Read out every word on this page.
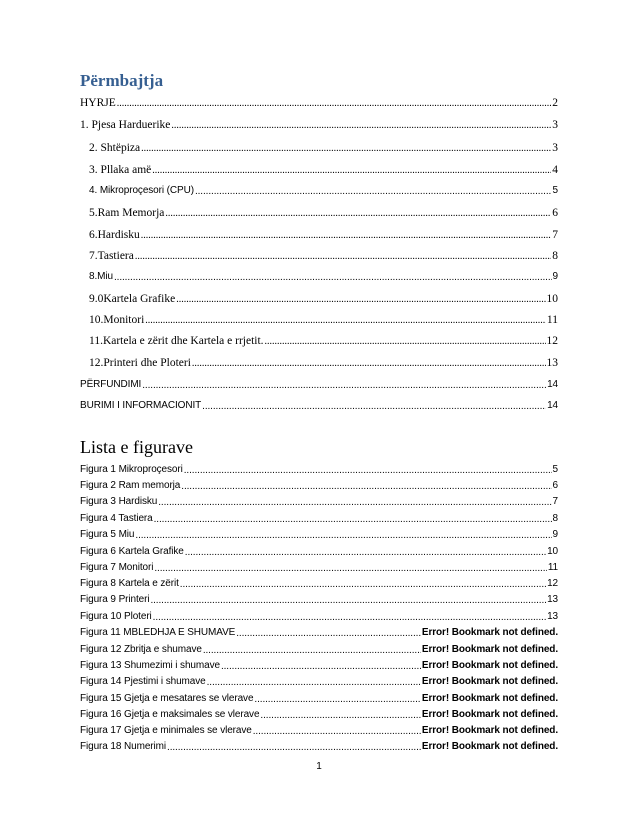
Përmbajtja
HYRJE .....	2
1. Pjesa Harduerike .....	3
2. Shtëpiza .....	3
3. Pllaka amë .....	4
4. Mikroproçesori (CPU) .....	5
5.Ram Memorja .....	6
6.Hardisku .....	7
7.Tastiera .....	8
8.Miu .....	9
9.0Kartela Grafike .....	10
10.Monitori .....	11
11.Kartela e zërit dhe Kartela e rrjetit. .....	12
12.Printeri dhe Ploteri .....	13
PËRFUNDIMI .....	14
BURIMI I INFORMACIONIT .....	14
Lista e figurave
Figura 1 Mikroproçesori .....	5
Figura 2 Ram memorja .....	6
Figura 3 Hardisku .....	7
Figura 4 Tastiera .....	8
Figura 5 Miu .....	9
Figura 6 Kartela Grafike .....	10
Figura 7 Monitori .....	11
Figura 8 Kartela e zërit .....	12
Figura 9 Printeri .....	13
Figura 10 Ploteri .....	13
Figura 11 MBLEDHJA E SHUMAVE .....	Error! Bookmark not defined.
Figura 12 Zbritja e shumave .....	Error! Bookmark not defined.
Figura 13 Shumezimi i shumave .....	Error! Bookmark not defined.
Figura 14 Pjestimi i shumave .....	Error! Bookmark not defined.
Figura 15 Gjetja e mesatares se vlerave .....	Error! Bookmark not defined.
Figura 16 Gjetja e maksimales se vlerave .....	Error! Bookmark not defined.
Figura 17 Gjetja e minimales se vlerave .....	Error! Bookmark not defined.
Figura 18 Numerimi .....	Error! Bookmark not defined.
1
